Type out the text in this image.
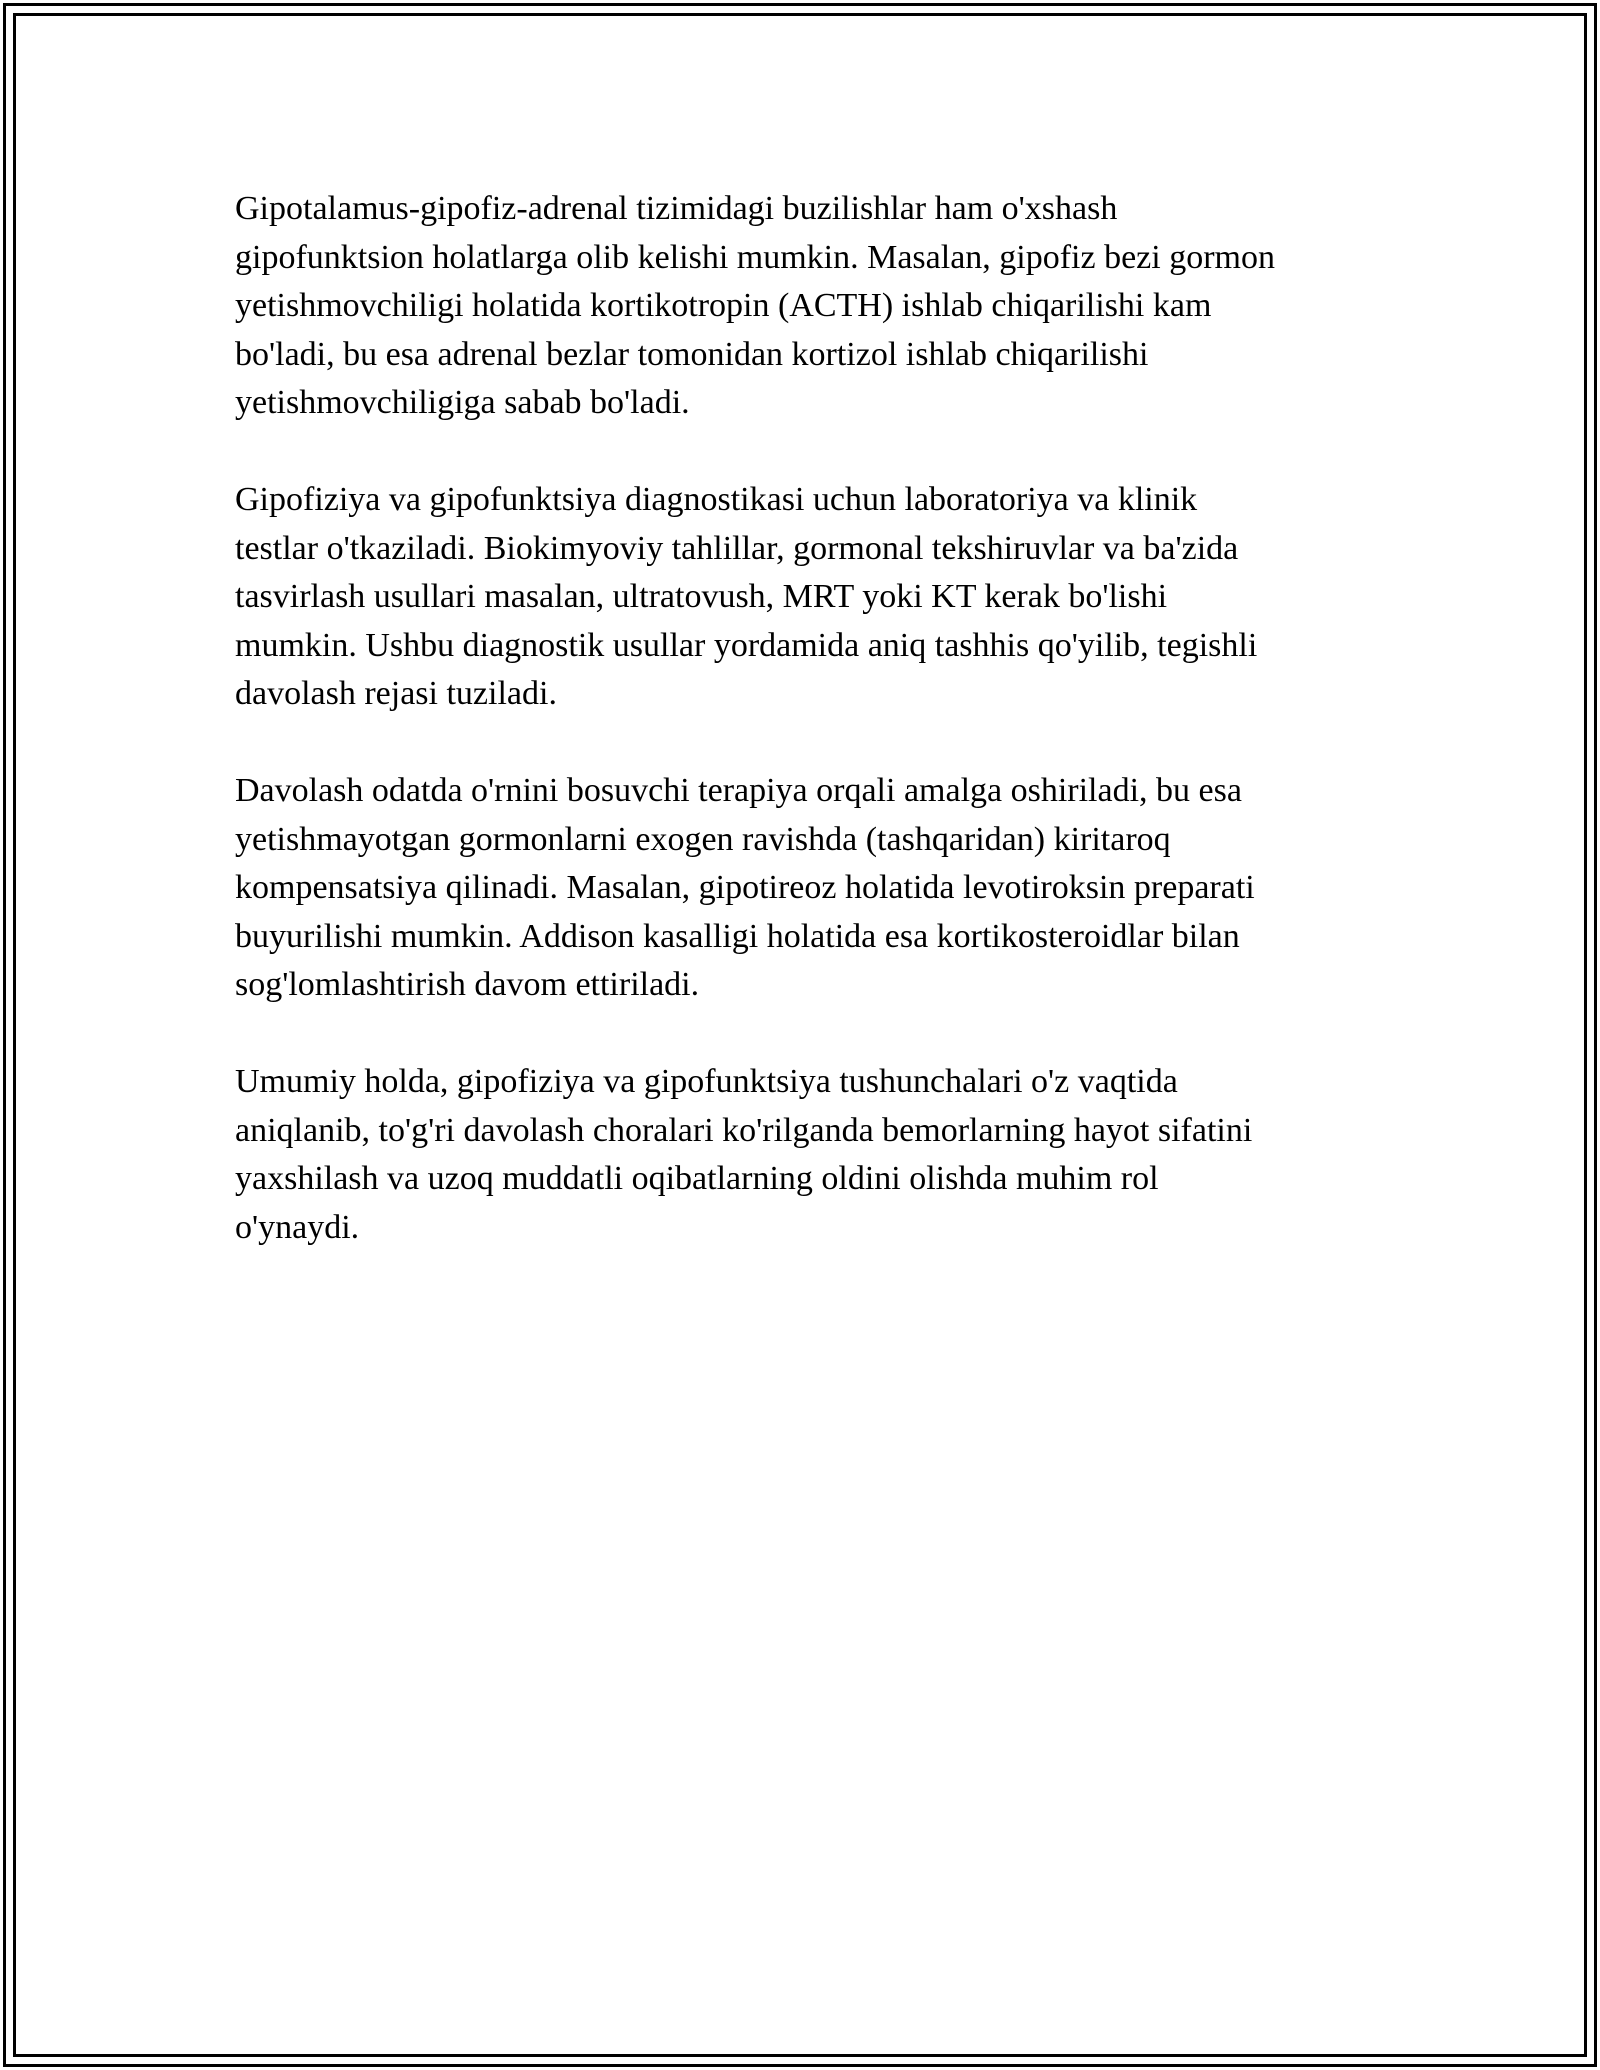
Gipotalamus-gipofiz-adrenal tizimidagi buzilishlar ham o'xshash
gipofunktsion holatlarga olib kelishi mumkin. Masalan, gipofiz bezi gormon
yetishmovchiligi holatida kortikotropin (ACTH) ishlab chiqarilishi kam
bo'ladi, bu esa adrenal bezlar tomonidan kortizol ishlab chiqarilishi
yetishmovchiligiga sabab bo'ladi.

Gipofiziya va gipofunktsiya diagnostikasi uchun laboratoriya va klinik
testlar o'tkaziladi. Biokimyoviy tahlillar, gormonal tekshiruvlar va ba'zida
tasvirlash usullari masalan, ultratovush, MRT yoki KT kerak bo'lishi
mumkin. Ushbu diagnostik usullar yordamida aniq tashhis qo'yilib, tegishli
davolash rejasi tuziladi.

Davolash odatda o'rnini bosuvchi terapiya orqali amalga oshiriladi, bu esa
yetishmayotgan gormonlarni exogen ravishda (tashqaridan) kiritaroq
kompensatsiya qilinadi. Masalan, gipotireoz holatida levotiroksin preparati
buyurilishi mumkin. Addison kasalligi holatida esa kortikosteroidlar bilan
sog'lomlashtirish davom ettiriladi.

Umumiy holda, gipofiziya va gipofunktsiya tushunchalari o'z vaqtida
aniqlanib, to'g'ri davolash choralari ko'rilganda bemorlarning hayot sifatini
yaxshilash va uzoq muddatli oqibatlarning oldini olishda muhim rol
o'ynaydi.
